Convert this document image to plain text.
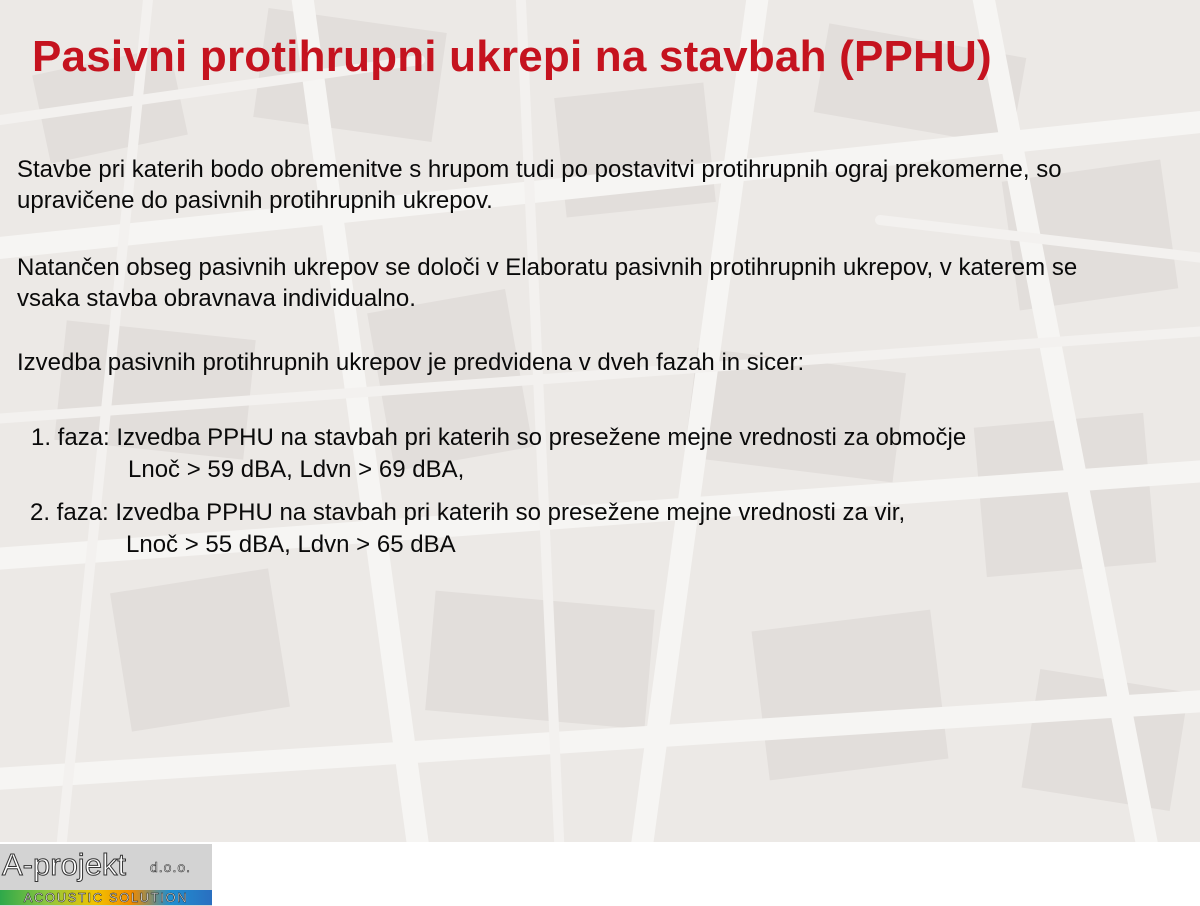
Pasivni protihrupni ukrepi na stavbah (PPHU)

Stavbe pri katerih bodo obremenitve s hrupom tudi po postavitvi protihrupnih ograj prekomerne, so upravičene do pasivnih protihrupnih ukrepov.

Natančen obseg pasivnih ukrepov se določi v Elaboratu pasivnih protihrupnih ukrepov, v katerem se vsaka stavba obravnava individualno.

Izvedba pasivnih protihrupnih ukrepov je predvidena v dveh fazah in sicer:

1. faza: Izvedba PPHU na stavbah pri katerih so presežene mejne vrednosti za območje

Lnoč > 59 dBA, Ldvn > 69 dBA,

2. faza: Izvedba PPHU na stavbah pri katerih so presežene mejne vrednosti za vir,

Lnoč > 55 dBA, Ldvn > 65 dBA

A-projekt d.o.o.
ACOUSTIC SOLUTION
